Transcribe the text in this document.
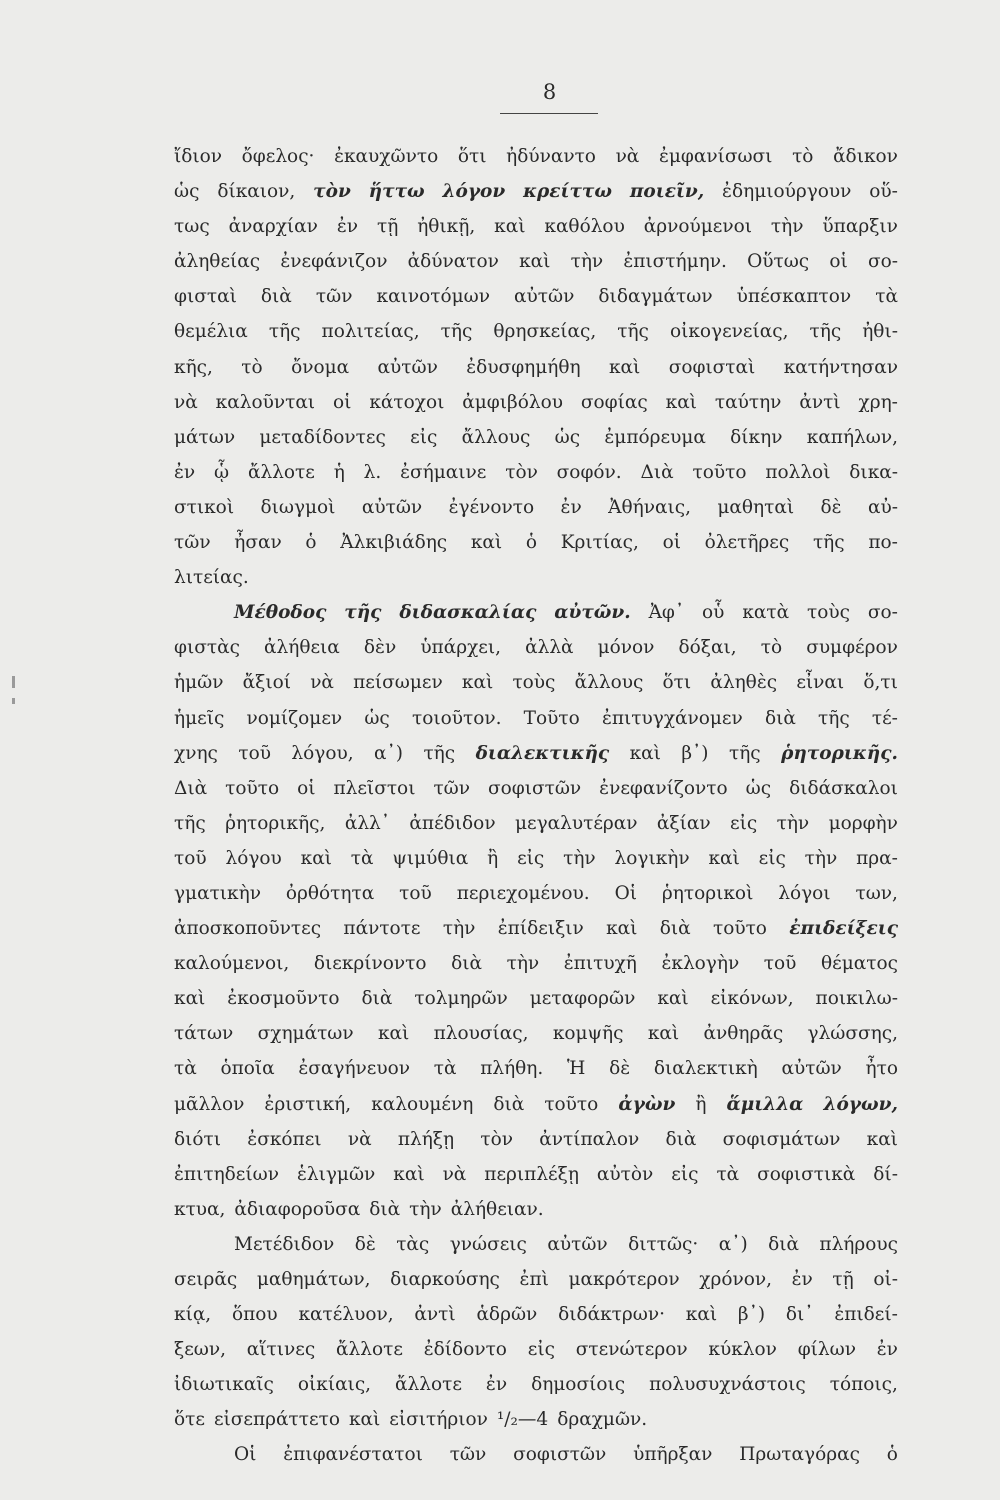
8
ἴδιον ὄφελος· ἐκαυχῶντο ὅτι ἠδύναντο νὰ ἐμφανίσωσι τὸ ἄδικον
ὡς δίκαιον, τὸν ἥττω λόγον κρείττω ποιεῖν, ἐδημιούργουν οὕ-
τως ἀναρχίαν ἐν τῇ ἠθικῇ, καὶ καθόλου ἀρνούμενοι τὴν ὕπαρξιν
ἀληθείας ἐνεφάνιζον ἀδύνατον καὶ τὴν ἐπιστήμην. Οὕτως οἱ σο-
φισταὶ διὰ τῶν καινοτόμων αὐτῶν διδαγμάτων ὑπέσκαπτον τὰ
θεμέλια τῆς πολιτείας, τῆς θρησκείας, τῆς οἰκογενείας, τῆς ἠθι-
κῆς, τὸ ὄνομα αὐτῶν ἐδυσφημήθη καὶ σοφισταὶ κατήντησαν
νὰ καλοῦνται οἱ κάτοχοι ἀμφιβόλου σοφίας καὶ ταύτην ἀντὶ χρη-
μάτων μεταδίδοντες εἰς ἄλλους ὡς ἐμπόρευμα δίκην καπήλων,
ἐν ᾧ ἄλλοτε ἡ λ. ἐσήμαινε τὸν σοφόν. Διὰ τοῦτο πολλοὶ δικα-
στικοὶ διωγμοὶ αὐτῶν ἐγένοντο ἐν Ἀθήναις, μαθηταὶ δὲ αὐ-
τῶν ἦσαν ὁ Ἀλκιβιάδης καὶ ὁ Κριτίας, οἱ ὀλετῆρες τῆς πο-
λιτείας.
Μέθοδος τῆς διδασκαλίας αὐτῶν. Ἀφ᾽ οὗ κατὰ τοὺς σο-
φιστὰς ἀλήθεια δὲν ὑπάρχει, ἀλλὰ μόνον δόξαι, τὸ συμφέρον
ἡμῶν ἄξιοί νὰ πείσωμεν καὶ τοὺς ἄλλους ὅτι ἀληθὲς εἶναι ὅ,τι
ἡμεῖς νομίζομεν ὡς τοιοῦτον. Τοῦτο ἐπιτυγχάνομεν διὰ τῆς τέ-
χνης τοῦ λόγου, α᾽) τῆς διαλεκτικῆς καὶ β᾽) τῆς ῥητορικῆς.
Διὰ τοῦτο οἱ πλεῖστοι τῶν σοφιστῶν ἐνεφανίζοντο ὡς διδάσκαλοι
τῆς ῥητορικῆς, ἀλλ᾽ ἀπέδιδον μεγαλυτέραν ἀξίαν εἰς τὴν μορφὴν
τοῦ λόγου καὶ τὰ ψιμύθια ἢ εἰς τὴν λογικὴν καὶ εἰς τὴν πρα-
γματικὴν ὀρθότητα τοῦ περιεχομένου. Οἱ ῥητορικοὶ λόγοι των,
ἀποσκοποῦντες πάντοτε τὴν ἐπίδειξιν καὶ διὰ τοῦτο ἐπιδείξεις
καλούμενοι, διεκρίνοντο διὰ τὴν ἐπιτυχῆ ἐκλογὴν τοῦ θέματος
καὶ ἐκοσμοῦντο διὰ τολμηρῶν μεταφορῶν καὶ εἰκόνων, ποικιλω-
τάτων σχημάτων καὶ πλουσίας, κομψῆς καὶ ἀνθηρᾶς γλώσσης,
τὰ ὁποῖα ἐσαγήνευον τὰ πλήθη. Ἡ δὲ διαλεκτικὴ αὐτῶν ἦτο
μᾶλλον ἐριστική, καλουμένη διὰ τοῦτο ἀγὼν ἢ ἅμιλλα λόγων,
διότι ἐσκόπει νὰ πλήξῃ τὸν ἀντίπαλον διὰ σοφισμάτων καὶ
ἐπιτηδείων ἑλιγμῶν καὶ νὰ περιπλέξῃ αὐτὸν εἰς τὰ σοφιστικὰ δί-
κτυα, ἀδιαφοροῦσα διὰ τὴν ἀλήθειαν.
Μετέδιδον δὲ τὰς γνώσεις αὐτῶν διττῶς· α᾽) διὰ πλήρους
σειρᾶς μαθημάτων, διαρκούσης ἐπὶ μακρότερον χρόνον, ἐν τῇ οἰ-
κίᾳ, ὅπου κατέλυον, ἀντὶ ἁδρῶν διδάκτρων· καὶ β᾽) δι᾽ ἐπιδεί-
ξεων, αἵτινες ἄλλοτε ἐδίδοντο εἰς στενώτερον κύκλον φίλων ἐν
ἰδιωτικαῖς οἰκίαις, ἄλλοτε ἐν δημοσίοις πολυσυχνάστοις τόποις,
ὅτε εἰσεπράττετο καὶ εἰσιτήριον ¹/₂—4 δραχμῶν.
Οἱ ἐπιφανέστατοι τῶν σοφιστῶν ὑπῆρξαν Πρωταγόρας ὁ
